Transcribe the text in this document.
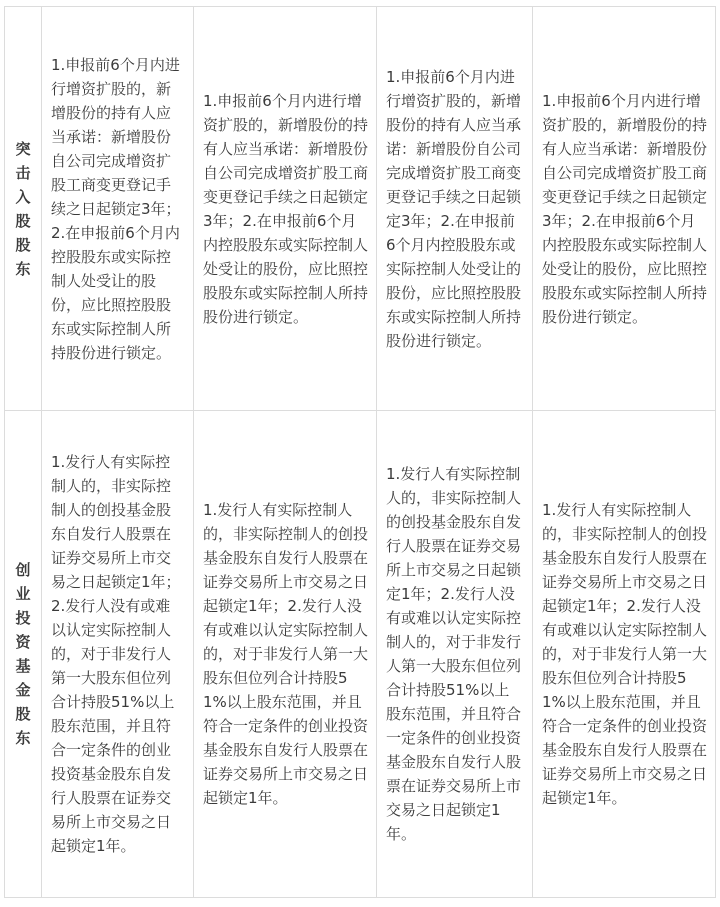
突击入股股东	1.申报前6个月内进行增资扩股的，新增股份的持有人应当承诺：新增股份自公司完成增资扩股工商变更登记手续之日起锁定3年；2.在申报前6个月内控股股东或实际控制人处受让的股份，应比照控股股东或实际控制人所持股份进行锁定。	1.申报前6个月内进行增资扩股的，新增股份的持有人应当承诺：新增股份自公司完成增资扩股工商变更登记手续之日起锁定3年；2.在申报前6个月内控股股东或实际控制人处受让的股份，应比照控股股东或实际控制人所持股份进行锁定。	1.申报前6个月内进行增资扩股的，新增股份的持有人应当承诺：新增股份自公司完成增资扩股工商变更登记手续之日起锁定3年；2.在申报前6个月内控股股东或实际控制人处受让的股份，应比照控股股东或实际控制人所持股份进行锁定。	1.申报前6个月内进行增资扩股的，新增股份的持有人应当承诺：新增股份自公司完成增资扩股工商变更登记手续之日起锁定3年；2.在申报前6个月内控股股东或实际控制人处受让的股份，应比照控股股东或实际控制人所持股份进行锁定。

创业投资基金股东	1.发行人有实际控制人的，非实际控制人的创投基金股东自发行人股票在证券交易所上市交易之日起锁定1年；2.发行人没有或难以认定实际控制人的，对于非发行人第一大股东但位列合计持股51%以上股东范围，并且符合一定条件的创业投资基金股东自发行人股票在证券交易所上市交易之日起锁定1年。	1.发行人有实际控制人的，非实际控制人的创投基金股东自发行人股票在证券交易所上市交易之日起锁定1年；2.发行人没有或难以认定实际控制人的，对于非发行人第一大股东但位列合计持股51%以上股东范围，并且符合一定条件的创业投资基金股东自发行人股票在证券交易所上市交易之日起锁定1年。	1.发行人有实际控制人的，非实际控制人的创投基金股东自发行人股票在证券交易所上市交易之日起锁定1年；2.发行人没有或难以认定实际控制人的，对于非发行人第一大股东但位列合计持股51%以上股东范围，并且符合一定条件的创业投资基金股东自发行人股票在证券交易所上市交易之日起锁定1年。	1.发行人有实际控制人的，非实际控制人的创投基金股东自发行人股票在证券交易所上市交易之日起锁定1年；2.发行人没有或难以认定实际控制人的，对于非发行人第一大股东但位列合计持股51%以上股东范围，并且符合一定条件的创业投资基金股东自发行人股票在证券交易所上市交易之日起锁定1年。
